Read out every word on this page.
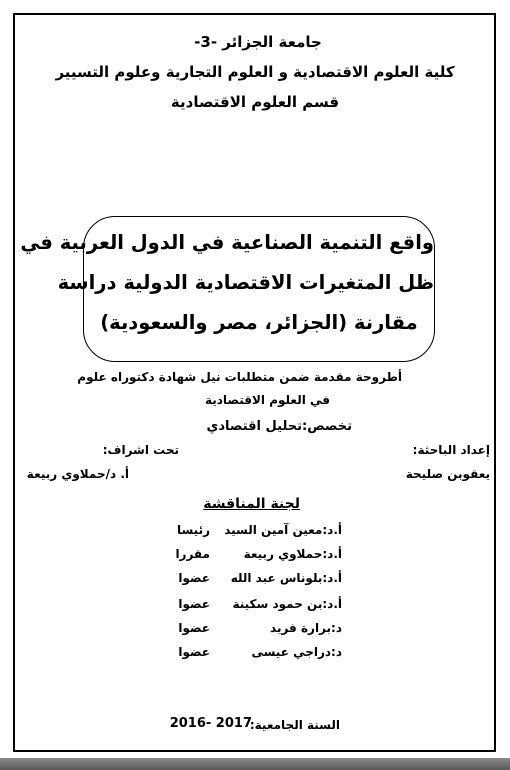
جامعة الجزائر -3-
كلية العلوم الاقتصادية و العلوم التجارية وعلوم التسيير
قسم العلوم الاقتصادية
واقع التنمية الصناعية في الدول العربية في
ظل المتغيرات الاقتصادية الدولية دراسة
مقارنة (الجزائر، مصر والسعودية)
أطروحة مقدمة ضمن متطلبات نيل شهادة دكتوراه علوم
في العلوم الاقتصادية
تخصص:تحليل اقتصادي
إعداد الباحثة:
يعقوبن صليحة
تحت اشراف:
أ. د/حملاوي ربيعة
لجنة المناقشة
أ.د:معين آمين السيد
رئيسا
أ.د:حملاوي ربيعة
مقررا
أ.د:بلوناس عبد الله
عضوا
أ.د:بن حمود سكينة
عضوا
د:برارة فريد
عضوا
د:دراجي عيسى
عضوا
السنة الجامعية:
2016- 2017
